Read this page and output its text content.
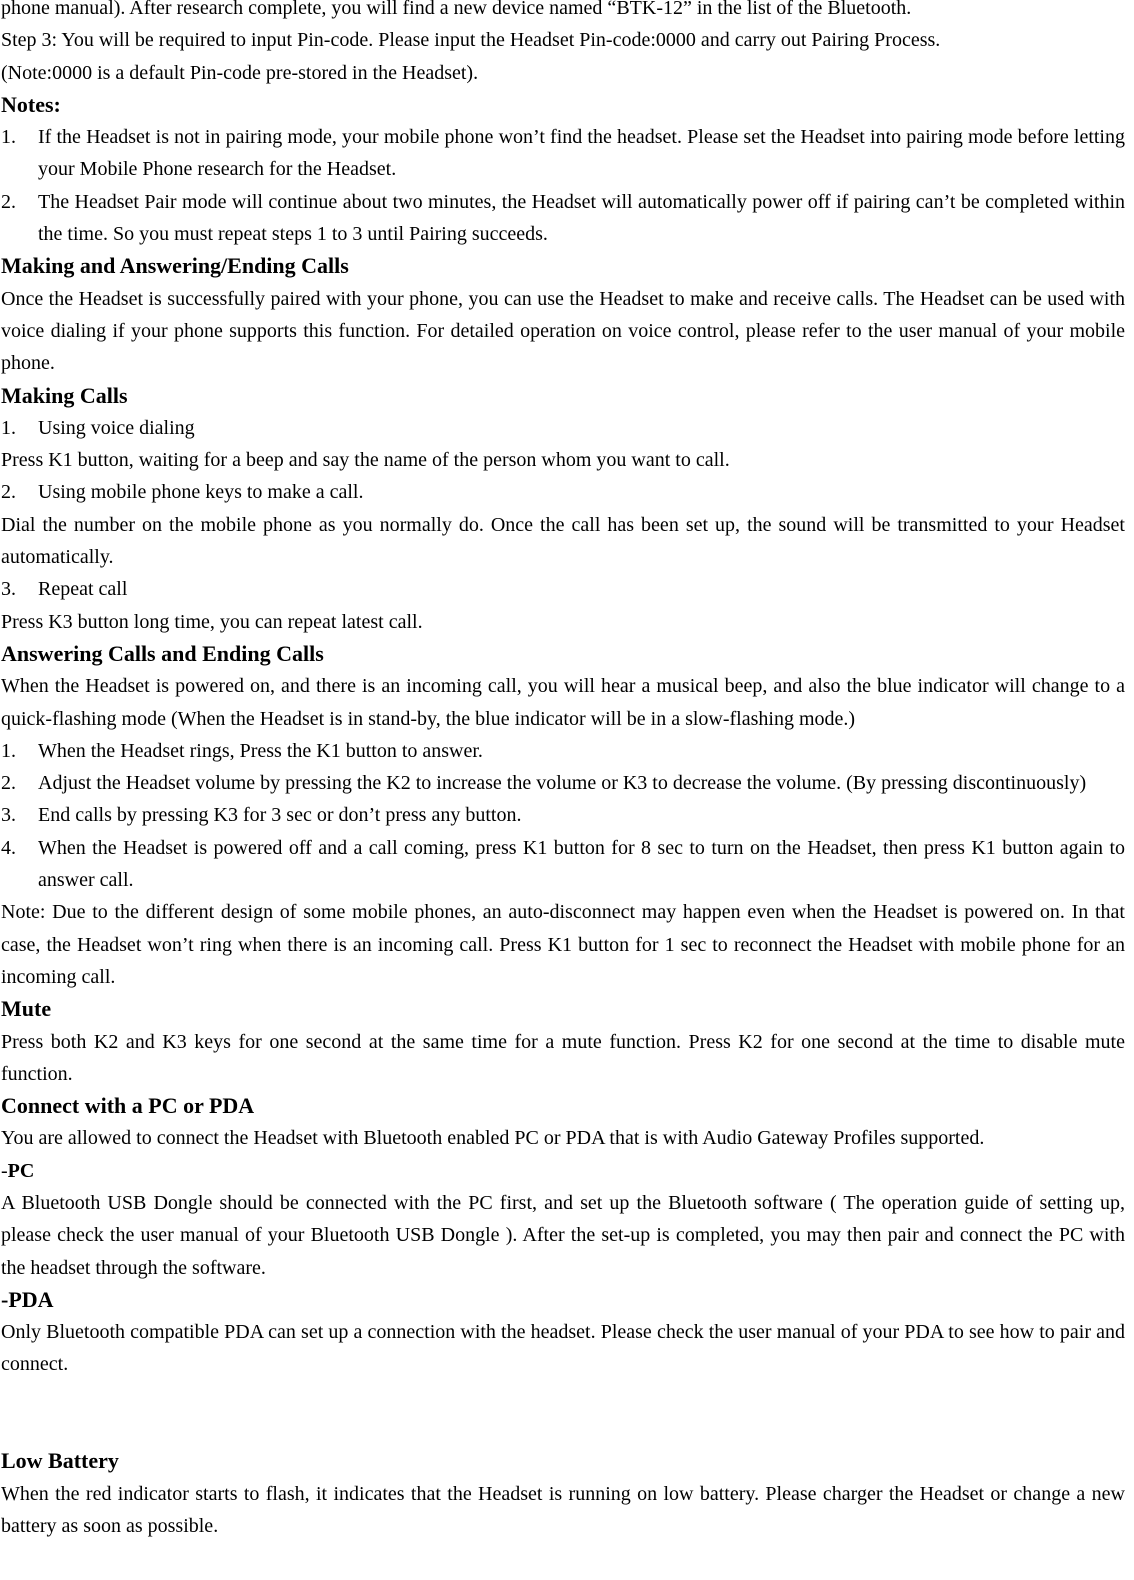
phone manual). After research complete, you will find a new device named “BTK-12” in the list of the Bluetooth.

Step 3: You will be required to input Pin-code. Please input the Headset Pin-code:0000 and carry out Pairing Process.

(Note:0000 is a default Pin-code pre-stored in the Headset).

Notes:

1.	If the Headset is not in pairing mode, your mobile phone won’t find the headset. Please set the Headset into pairing mode before letting your Mobile Phone research for the Headset.
2.	The Headset Pair mode will continue about two minutes, the Headset will automatically power off if pairing can’t be completed within the time. So you must repeat steps 1 to 3 until Pairing succeeds.

Making and Answering/Ending Calls

Once the Headset is successfully paired with your phone, you can use the Headset to make and receive calls. The Headset can be used with voice dialing if your phone supports this function. For detailed operation on voice control, please refer to the user manual of your mobile phone.

Making Calls

1.	Using voice dialing

Press K1 button, waiting for a beep and say the name of the person whom you want to call.

2.	Using mobile phone keys to make a call.

Dial the number on the mobile phone as you normally do. Once the call has been set up, the sound will be transmitted to your Headset automatically.

3.	Repeat call

Press K3 button long time, you can repeat latest call.

Answering Calls and Ending Calls

When the Headset is powered on, and there is an incoming call, you will hear a musical beep, and also the blue indicator will change to a quick-flashing mode (When the Headset is in stand-by, the blue indicator will be in a slow-flashing mode.)

1.	When the Headset rings, Press the K1 button to answer.
2.	Adjust the Headset volume by pressing the K2 to increase the volume or K3 to decrease the volume. (By pressing discontinuously)
3.	End calls by pressing K3 for 3 sec or don’t press any button.
4.	When the Headset is powered off and a call coming, press K1 button for 8 sec to turn on the Headset, then press K1 button again to answer call.

Note: Due to the different design of some mobile phones, an auto-disconnect may happen even when the Headset is powered on. In that case, the Headset won’t ring when there is an incoming call. Press K1 button for 1 sec to reconnect the Headset with mobile phone for an incoming call.

Mute

Press both K2 and K3 keys for one second at the same time for a mute function. Press K2 for one second at the time to disable mute function.

Connect with a PC or PDA

You are allowed to connect the Headset with Bluetooth enabled PC or PDA that is with Audio Gateway Profiles supported.

-PC

A Bluetooth USB Dongle should be connected with the PC first, and set up the Bluetooth software ( The operation guide of setting up, please check the user manual of your Bluetooth USB Dongle ). After the set-up is completed, you may then pair and connect the PC with the headset through the software.

-PDA

Only Bluetooth compatible PDA can set up a connection with the headset. Please check the user manual of your PDA to see how to pair and connect.

Low Battery

When the red indicator starts to flash, it indicates that the Headset is running on low battery. Please charger the Headset or change a new battery as soon as possible.
